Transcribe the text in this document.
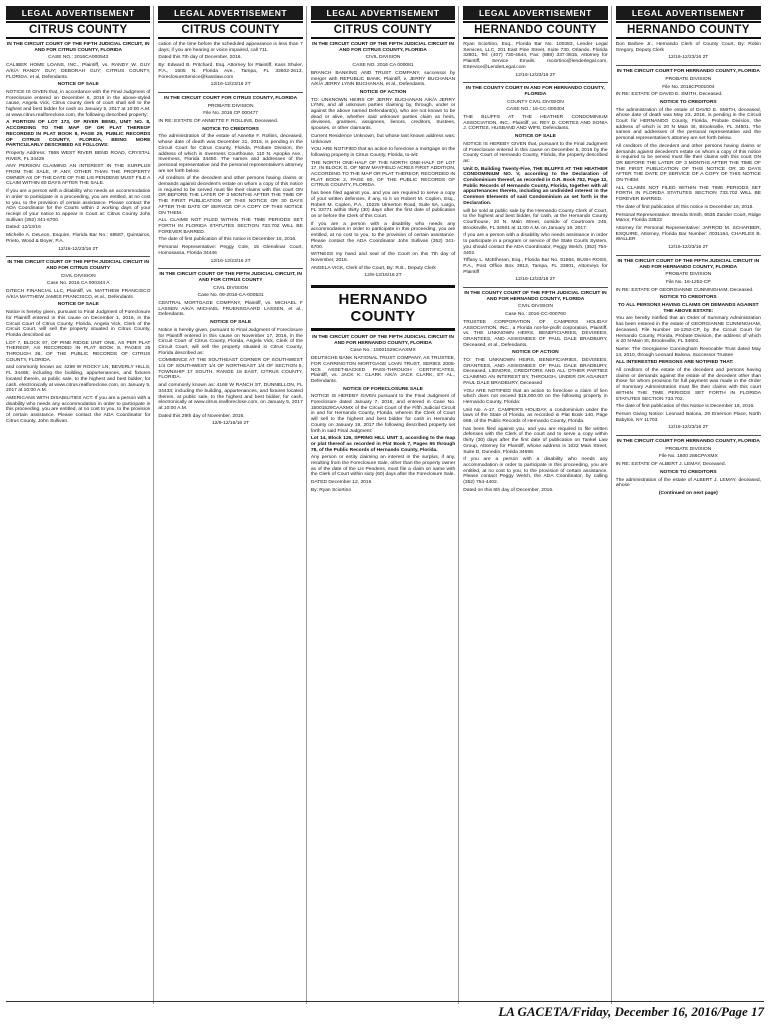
LEGAL ADVERTISEMENT
CITRUS COUNTY

IN THE CIRCUIT COURT OF THE FIFTH JUDICIAL CIRCUIT, IN AND FOR CITRUS COUNTY, FLORIDA

CASE NO.: 2016CA000543

CALIBER HOME LOANS, INC., Plaintiff, vs. RANDY W. GUY A/K/A RANDY GUY; DEBORAH GUY; CITRUS COUNTY, FLORIDA, et al, Defendants.

NOTICE OF SALE

NOTICE IS GIVEN that, in accordance with the Final Judgment of Foreclosure entered on December 6, 2016 in the above-styled cause, Angela Vick, Citrus county clerk of court shall sell to the highest and best bidder for cash on January 5, 2017 at 10:00 A.M. at www.citrus.realforeclose.com, the following described property:

A PORTION OF LOT 173, OF RIVER BEND, UNIT NO. 8, ACCORDING TO THE MAP OF OR PLAT THEREOF RECORDED IN PLAT BOOK 8, PAGE 29, PUBLIC RECORDS OF CITRUS COUNTY, FLORIDA, BEING MORE PARTICULARLY DESCRIBED AS FOLLOWS:

Property Address: 7868 WEST RIVER BEND ROAD, CRYSTAL RIVER, FL 34429

ANY PERSON CLAIMING AN INTEREST IN THE SURPLUS FROM THE SALE, IF ANY, OTHER THAN THE PROPERTY OWNER AS OF THE DATE OF THE LIS PENDENS MUST FILE A CLAIM WITHIN 60 DAYS AFTER THE SALE.

If you are a person with a disability who needs an accommodation in order to participate in a proceeding, you are entitled, at no cost to you, to the provision of certain assistance. Please contact the ADA Coordinator for the Courts within 2 working days of your receipt of your notice to appear in Court at: Citrus County John Sullivan (352) 341-6700.

Dated: 12/13/16

Michelle A. DeLeon, Esquire, Florida Bar No.: 68587, Quintairos, Prieto, Wood & Boyer, P.A.

12/16-12/23/16 2T

IN THE CIRCUIT COURT OF THE FIFTH JUDICIAL CIRCUIT IN AND FOR CITRUS COUNTY

CIVIL DIVISION

Case No. 2016 CA 000344 A

DITECH FINANCIAL LLC, Plaintiff, vs. MATTHEW FRANCISCO A/K/A MATTHEW JAMES FRANCISCO, et al., Defendants.

NOTICE OF SALE

Notice is hereby given, pursuant to Final Judgment of Foreclosure for Plaintiff entered in this cause on December 1, 2016, in the Circuit Court of Citrus County, Florida, Angela Vick, Clerk of the Circuit Court, will sell the property situated in Citrus County, Florida described as:

LOT 7, BLOCK 97, OF PINE RIDGE UNIT ONE, AS PER PLAT THEREOF, AS RECORDED IN PLAT BOOK 8, PAGES 25 THROUGH 36, OF THE PUBLIC RECORDS OF CITRUS COUNTY, FLORIDA.

and commonly known as: 4299 W ROCKY LN, BEVERLY HILLS, FL 34465; including the building, appurtenances, and fixtures located therein, at public sale, to the highest and best bidder, for cash, electronically at www.citrus.realforeclose.com, on January 5, 2017 at 10:00 A.M.

AMERICANS WITH DISABILITIES ACT. If you are a person with a disability who needs any accommodation in order to participate in this proceeding, you are entitled, at no cost to you, to the provision of certain assistance. Please contact the ADA Coordinator for Citrus County, John Sullivan.

LEGAL ADVERTISEMENT
CITRUS COUNTY

cation of the time before the scheduled appearance is less than 7 days; if you are hearing or voice impaired, call 711.

Dated this 7th day of December, 2016.

By: Edward B. Pritchard, Esq. Attorney for Plaintiff, Kass Shuler, P.A., 1505 N. Florida Ave., Tampa, FL 33602-2613, ForeclosureService@kasslaw.com

12/16-12/23/16 2T

IN THE CIRCUIT COURT FOR CITRUS COUNTY, FLORIDA

PROBATE DIVISION

File No. 2016 CP 000477

IN RE: ESTATE OF ANNETTE F. ROLLINS, Deceased.

NOTICE TO CREDITORS

The administration of the estate of Annette F. Rollins, deceased, whose date of death was December 21, 2015, is pending in the Circuit Court for Citrus County, Florida, Probate Division, the address of which is Inverness Courthouse, 110 N. Apopka Ave., Inverness, Florida 34450. The names and addresses of the personal representative and the personal representative's attorney are set forth below.

All creditors of the decedent and other persons having claims or demands against decedent's estate on whom a copy of this notice is required to be served must file their claims with this court ON OR BEFORE THE LATER OF 3 MONTHS AFTER THE TIME OF THE FIRST PUBLICATION OF THIS NOTICE OR 30 DAYS AFTER THE DATE OF SERVICE OF A COPY OF THIS NOTICE ON THEM.

ALL CLAIMS NOT FILED WITHIN THE TIME PERIODS SET FORTH IN FLORIDA STATUTES SECTION 733.702 WILL BE FOREVER BARRED.

The date of first publication of this notice is December 16, 2016.

Personal Representative: Peggy Cole, 15 Glenolinar Court, Homosassa, Florida 34446

12/16-12/23/16 2T

IN THE CIRCUIT COURT OF THE FIFTH JUDICIAL CIRCUIT, IN AND FOR CITRUS COUNTY

CIVIL DIVISION

Case No. 09-2016-CA-000531

CENTRAL MORTGAGE COMPANY, Plaintiff, vs. MICHAEL F LASSEN A/K/A MICHAEL FRUENSGAARD LASSEN, et al., Defendants.

NOTICE OF SALE

Notice is hereby given, pursuant to Final Judgment of Foreclosure for Plaintiff entered in this cause on November 17, 2016, in the Circuit Court of Citrus County, Florida, Angela Vick, Clerk of the Circuit Court, will sell the property situated in Citrus County, Florida described as:

COMMENCE AT THE SOUTHEAST CORNER OF SOUTHWEST 1/4 OF SOUTHWEST 1/4 OF NORTHEAST 1/4 OF SECTION 5, TOWNSHIP 17 SOUTH, RANGE 18 EAST, CITRUS COUNTY, FLORIDA.

and commonly known as: 4168 W RANCH ST, DUNNELLON, FL 34433; including the building, appurtenances, and fixtures located therein, at public sale, to the highest and best bidder, for cash, electronically at www.citrus.realforeclose.com, on January 5, 2017 at 10:00 A.M.

Dated this 29th day of November, 2016.

12/9-12/16/16 2T

LEGAL ADVERTISEMENT
CITRUS COUNTY

IN THE CIRCUIT COURT OF THE FIFTH JUDICIAL CIRCUIT IN AND FOR CITRUS COUNTY, FLORIDA

CIVIL DIVISION

CASE NO. 2016 CA 000081

BRANCH BANKING AND TRUST COMPANY, successor by merger with REPUBLIC BANK, Plaintiff, v. JERRY BUCHANAN A/K/A JERRY LYNN BUCHANAN, et al., Defendants.

NOTICE OF ACTION

TO: UNKNOWN HEIRS OF JERRY BUCHANAN A/K/A JERRY LYNN, and all unknown parties claiming by, through, under or against the above named Defendant(s), who are not known to be dead or alive, whether said unknown parties claim as heirs, devisees, grantees, assignees, lienors, creditors, trustees, spouses, or other claimants.

Current Residence Unknown, but whose last known address was: Unknown

YOU ARE NOTIFIED that an action to foreclose a mortgage on the following property in Citrus County, Florida, to-wit:

THE NORTH ONE-HALF OF THE NORTH ONE-HALF OF LOT 17, IN BLOCK G, OF NEW MAYFIELD ACRES FIRST ADDITION, ACCORDING TO THE MAP OR PLAT THEREOF, RECORDED IN PLAT BOOK 2, PAGE 60, OF THE PUBLIC RECORDS OF CITRUS COUNTY, FLORIDA.

has been filed against you, and you are required to serve a copy of your written defenses, if any, to it on Robert M. Coplen, Esq., Robert M. Coplen, P.A., 10225 Ulmerton Road, Suite 5A, Largo, FL 33771 within thirty (30) days after the first date of publication on or before the Clerk of this Court.

If you are a person with a disability who needs any accommodation in order to participate in this proceeding, you are entitled, at no cost to you, to the provision of certain assistance. Please contact the ADA Coordinator John Sullivan (352) 341-6700.

WITNESS my hand and seal of the Court on this 7th day of November, 2016.

ANGELA VICK, Clerk of the Court, By: R.B., Deputy Clerk

12/9-12/16/16 2T

HERNANDO COUNTY

IN THE CIRCUIT COURT OF THE FIFTH JUDICIAL CIRCUIT IN AND FOR HERNANDO COUNTY, FLORIDA

Case No.: 15001529CAAXMX

DEUTSCHE BANK NATIONAL TRUST COMPANY, AS TRUSTEE, FOR CARRINGTON MORTGAGE LOAN TRUST, SERIES 2005-NC5 ASSET-BACKED PASS-THROUGH CERTIFICATES, Plaintiff, vs. JACK K. CLARK A/K/A JACK CLARK, ET AL., Defendants.

NOTICE OF FORECLOSURE SALE

NOTICE IS HEREBY GIVEN pursuant to the Final Judgment of Foreclosure dated January 7, 2016, and entered in Case No. 15001529CAAXMX of the Circuit Court of the Fifth Judicial Circuit in and for Hernando County, Florida, wherein the Clerk of Court will sell to the highest and best bidder for cash in Hernando County on January 19, 2017 the following described property set forth in said Final Judgment:

Lot 14, Block 126, SPRING HILL UNIT 3, according to the map or plat thereof as recorded in Plat Book 7, Pages 65 through 78, of the Public Records of Hernando County, Florida.

Any person or entity claiming an interest in the surplus, if any, resulting from the Foreclosure Sale, other than the property owner as of the date of the Lis Pendens, must file a claim on same with the Clerk of Court within sixty (60) days after the Foreclosure Sale.

DATED December 12, 2016

By: Ryan Sciortino

LEGAL ADVERTISEMENT
HERNANDO COUNTY

Ryan Sciortino, Esq., Florida Bar No. 100383, Lender Legal Services, LLC, 201 East Pine Street, Suite 730, Orlando, Florida 32801, Tel: (407) 730-4644, Fax: (888) 337-3815, Attorney for Plaintiff, Service Emails: rsciortino@lenderlegal.com, EService@LenderLegal.com

12/16-12/23/16 2T

IN THE COUNTY COURT IN AND FOR HERNANDO COUNTY, FLORIDA

COUNTY CIVIL DIVISION

CASE NO.: 16-CC-000304

THE BLUFFS AT THE HEATHER CONDOMINIUM ASSOCIATION, INC., Plaintiff, vs. REY D. CORTES AND SONIA J. CORTES, HUSBAND AND WIFE, Defendants.

NOTICE OF SALE

NOTICE IS HEREBY GIVEN that, pursuant to the Final Judgment of Foreclosure entered in this cause on December 5, 2016 by the County Court of Hernando County, Florida, the property described as:

Unit D, Building Twenty-Five, THE BLUFFS AT THE HEATHER CONDOMINIUM NO. V, according to the Declaration of Condominium thereof, as recorded in O.R. Book 752, Page 12, Public Records of Hernando County, Florida, together with all appurtenances thereto, including an undivided interest in the Common Elements of said Condominium as set forth in the Declaration.

will be sold at public sale by the Hernando County Clerk of Court, to the highest and best bidder, for cash, at the Hernando County Courthouse, 20 N. Main Street, outside of Courtroom 245, Brooksville, FL 34601 at 11:00 A.M. on January 19, 2017.

If you are a person with a disability who needs assistance in order to participate in a program or service of the State Courts System, you should contact the ADA Coordinator, Peggy Welch, (352) 754-4402.

Tiffany L. McElheran, Esq., Florida Bar No. 91864, BUSH ROSS, P.A., Post Office Box 3913, Tampa, FL 33601, Attorneys for Plaintiff

12/16-12/23/16 2T

IN THE COUNTY COURT OF THE FIFTH JUDICIAL CIRCUIT IN AND FOR HERNANDO COUNTY, FLORIDA

CIVIL DIVISION

Case No.: 2016-CC-000760

TRUSTEE CORPORATION OF CAMPERS HOLIDAY ASSOCIATION, INC., a Florida not-for-profit corporation, Plaintiff, vs. THE UNKNOWN HEIRS, BENEFICIARIES, DEVISEES, GRANTEES, AND ASSIGNEES OF PAUL DALE BRADBURY, Deceased, et al., Defendants.

NOTICE OF ACTION

TO: THE UNKNOWN HEIRS, BENEFICIARIES, DEVISEES, GRANTEES, AND ASSIGNEES OF PAUL DALE BRADBURY, Deceased, LIENORS, CREDITORS AND ALL OTHER PARTIES CLAIMING AN INTEREST BY, THROUGH, UNDER OR AGAINST PAUL DALE BRADBURY, Deceased

YOU ARE NOTIFIED that an action to foreclose a claim of lien which does not exceed $15,000.00 on the following property in Hernando County, Florida:

Unit No. A-17, CAMPER'S HOLIDAY, a condominium under the laws of the State of Florida, as recorded in Plat Book 140, Page 669, of the Public Records of Hernando County, Florida.

has been filed against you, and you are required to file written defenses with the Clerk of the court and to serve a copy within thirty (30) days after the first date of publication on Tankel Law Group, Attorney for Plaintiff, whose address is 1022 Main Street, Suite D, Dunedin, Florida 34698.

If you are a person with a disability who needs any accommodation in order to participate in this proceeding, you are entitled, at no cost to you, to the provision of certain assistance. Please contact Peggy Welch, the ADA Coordinator, by calling (352) 754-4402.

Dated on this 6th day of December, 2016.

LEGAL ADVERTISEMENT
HERNANDO COUNTY

Don Barbee Jr., Hernando Clerk of County Court, By: Robin Gregory, Deputy Clerk

12/16-12/23/16 2T

IN THE CIRCUIT COURT FOR HERNANDO COUNTY, FLORIDA

PROBATE DIVISION

File No. 2016CP001004

IN RE: ESTATE OF DAVID E. SMITH, Deceased.

NOTICE TO CREDITORS

The administration of the estate of DAVID E. SMITH, deceased, whose date of death was May 23, 2016, is pending in the Circuit Court for HERNANDO County, Florida, Probate Division, the address of which is 20 N Main St, Brooksville, FL 34601. The names and addresses of the personal representative and the personal representative's attorney are set forth below.

All creditors of the decedent and other persons having claims or demands against decedent's estate on whom a copy of this notice is required to be served must file their claims with this court ON OR BEFORE THE LATER OF 3 MONTHS AFTER THE TIME OF THE FIRST PUBLICATION OF THIS NOTICE OR 30 DAYS AFTER THE DATE OF SERVICE OF A COPY OF THIS NOTICE ON THEM.

ALL CLAIMS NOT FILED WITHIN THE TIME PERIODS SET FORTH IN FLORIDA STATUTES SECTION 733.702 WILL BE FOREVER BARRED.

The date of first publication of this notice is December 16, 2016.

Personal Representative: Brenda Smith, 6535 Zander Court, Ridge Manor, Florida 33523

Attorney for Personal Representative: JARROD M. SCHARBER, ESQUIRE, Attorney, Florida Bar Number: 0031164, CHARLES B. WALLER

12/16-12/23/16 2T

IN THE CIRCUIT COURT OF THE FIFTH JUDICIAL CIRCUIT IN AND FOR HERNANDO COUNTY, FLORIDA

PROBATE DIVISION

File No. 16-1252-CP

IN RE: ESTATE OF GEORGIANNE CUNNINGHAM, Deceased.

NOTICE TO CREDITORS

TO ALL PERSONS HAVING CLAIMS OR DEMANDS AGAINST THE ABOVE ESTATE:

You are hereby notified that an Order of Summary Administration has been entered in the estate of GEORGIANNE CUNNINGHAM, deceased, File Number 16-1252-CP, by the Circuit Court for Hernando County, Florida, Probate Division, the address of which is 20 N Main St, Brooksville, FL 34601.

Name: The Georgianne Cunningham Revocable Trust dated May 14, 2010, through Leonard Balona, Successor Trustee

ALL INTERESTED PERSONS ARE NOTIFIED THAT:

All creditors of the estate of the decedent and persons having claims or demands against the estate of the decedent other than those for whom provision for full payment was made in the Order of Summary Administration must file their claims with this court WITHIN THE TIME PERIODS SET FORTH IN FLORIDA STATUTES SECTION 733.702.

The date of first publication of this Notice is December 16, 2016.

Person Giving Notice: Leonard Balona, 29 Emerson Place, North Babylon, NY 11703

12/16-12/23/16 2T

IN THE CIRCUIT COURT FOR HERNANDO COUNTY, FLORIDA

PROBATE DIVISION

File No. 1600 286CPAXMX

IN RE: ESTATE OF ALBERT J. LEMAY, Deceased.

NOTICE TO CREDITORS

The administration of the estate of ALBERT J. LEMAY, deceased, whose

(Continued on next page)

LA GACETA/Friday, December 16, 2016/Page 17
